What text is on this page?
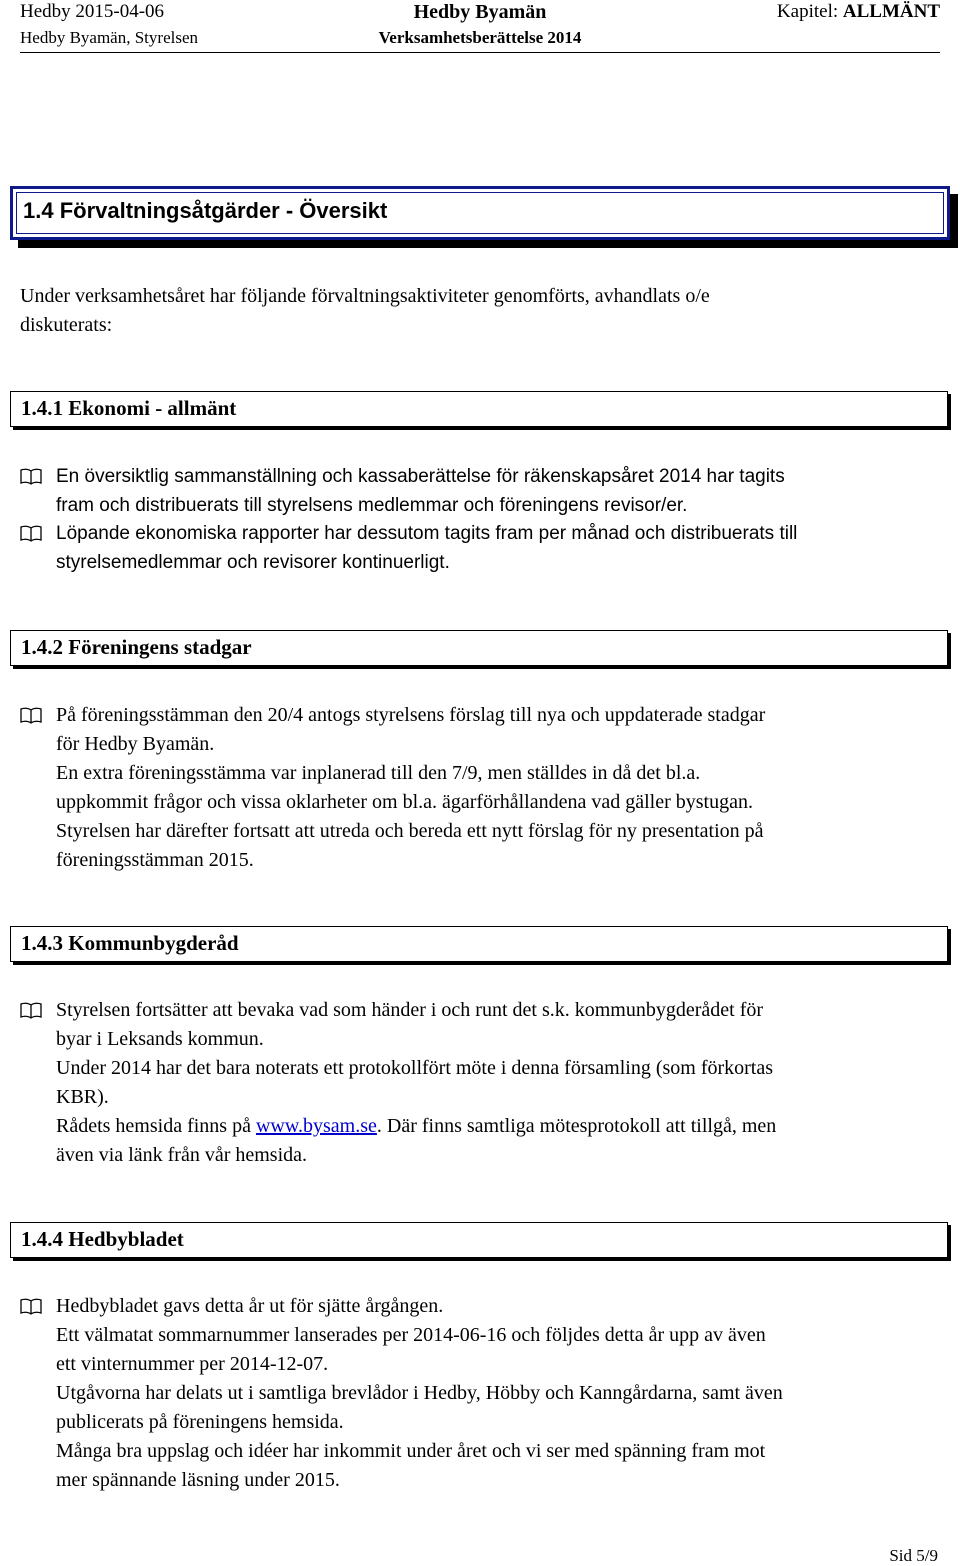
Hedby 2015-04-06
Hedby Byamän, Styrelsen
Hedby Byamän
Verksamhetsberättelse 2014
Kapitel: ALLMÄNT
1.4 Förvaltningsåtgärder - Översikt
Under verksamhetsåret har följande förvaltningsaktiviteter genomförts, avhandlats o/e
diskuterats:
1.4.1 Ekonomi - allmänt
En översiktlig sammanställning och kassaberättelse för räkenskapsåret 2014 har tagits
fram och distribuerats till styrelsens medlemmar och föreningens revisor/er.
Löpande ekonomiska rapporter har dessutom tagits fram per månad och distribuerats till
styrelsemedlemmar och revisorer kontinuerligt.
1.4.2 Föreningens stadgar
På föreningsstämman den 20/4 antogs styrelsens förslag till nya och uppdaterade stadgar
för Hedby Byamän.
En extra föreningsstämma var inplanerad till den 7/9, men ställdes in då det bl.a.
uppkommit frågor och vissa oklarheter om bl.a. ägarförhållandena vad gäller bystugan.
Styrelsen har därefter fortsatt att utreda och bereda ett nytt förslag för ny presentation på
föreningsstämman 2015.
1.4.3 Kommunbygderåd
Styrelsen fortsätter att bevaka vad som händer i och runt det s.k. kommunbygderådet för
byar i Leksands kommun.
Under 2014 har det bara noterats ett protokollfört möte i denna församling (som förkortas
KBR).
Rådets hemsida finns på www.bysam.se. Där finns samtliga mötesprotokoll att tillgå, men
även via länk från vår hemsida.
1.4.4 Hedbybladet
Hedbybladet gavs detta år ut för sjätte årgången.
Ett välmatat sommarnummer lanserades per 2014-06-16 och följdes detta år upp av även
ett vinternummer per 2014-12-07.
Utgåvorna har delats ut i samtliga brevlådor i Hedby, Höbby och Kanngårdarna, samt även
publicerats på föreningens hemsida.
Många bra uppslag och idéer har inkommit under året och vi ser med spänning fram mot
mer spännande läsning under 2015.
Sid 5/9
